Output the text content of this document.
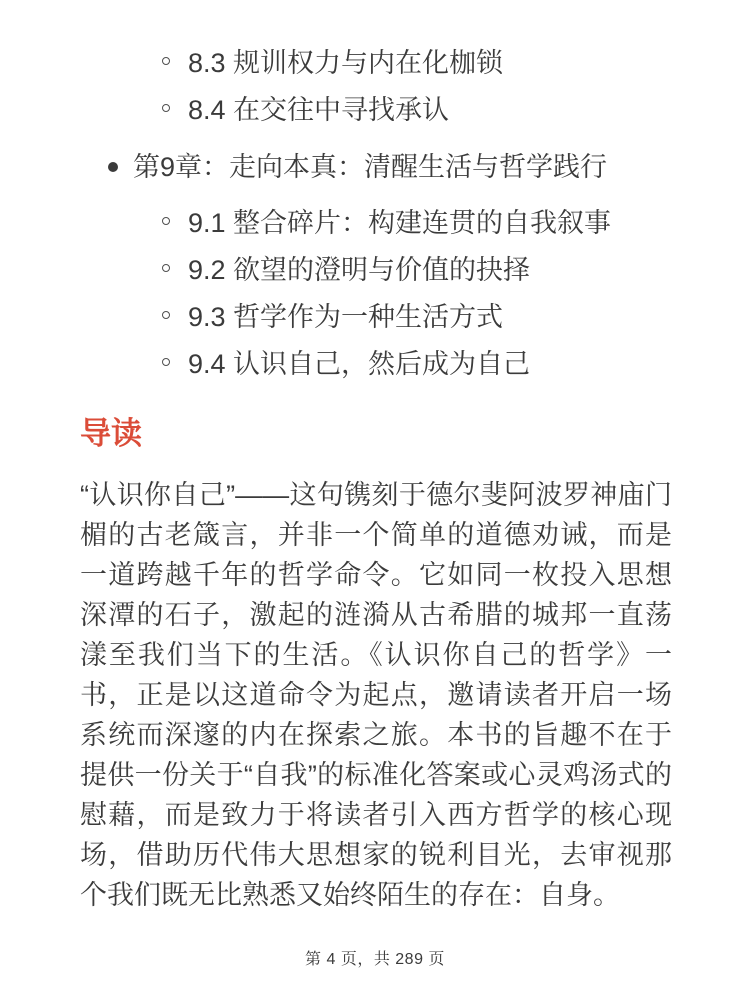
8.3 规训权力与内在化枷锁
8.4 在交往中寻找承认
第9章：走向本真：清醒生活与哲学践行
9.1 整合碎片：构建连贯的自我叙事
9.2 欲望的澄明与价值的抉择
9.3 哲学作为一种生活方式
9.4 认识自己，然后成为自己
导读

“认识你自己”——这句镌刻于德尔斐阿波罗神庙门楣的古老箴言，并非一个简单的道德劝诫，而是一道跨越千年的哲学命令。它如同一枚投入思想深潭的石子，激起的涟漪从古希腊的城邦一直荡漾至我们当下的生活。《认识你自己的哲学》一书，正是以这道命令为起点，邀请读者开启一场系统而深邃的内在探索之旅。本书的旨趣不在于提供一份关于“自我”的标准化答案或心灵鸡汤式的慰藉，而是致力于将读者引入西方哲学的核心现场，借助历代伟大思想家的锐利目光，去审视那个我们既无比熟悉又始终陌生的存在：自身。

第 4 页，共 289 页
